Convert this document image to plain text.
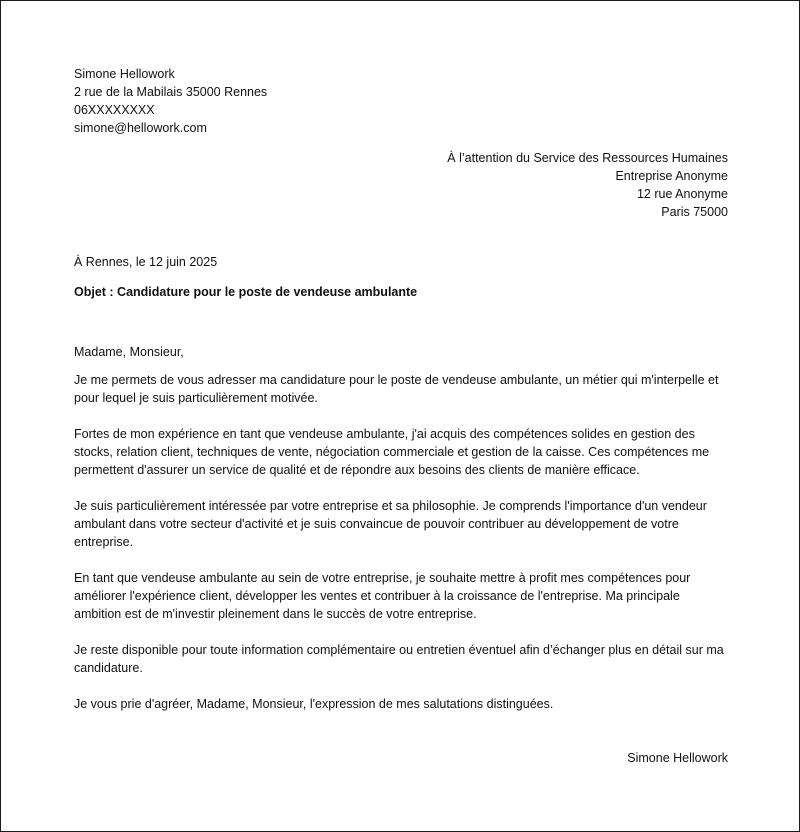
Simone Hellowork
2 rue de la Mabilais 35000 Rennes
06XXXXXXXX
simone@hellowork.com
À l’attention du Service des Ressources Humaines
Entreprise Anonyme
12 rue Anonyme
Paris 75000
À Rennes, le 12 juin 2025
Objet : Candidature pour le poste de vendeuse ambulante
Madame, Monsieur,
Je me permets de vous adresser ma candidature pour le poste de vendeuse ambulante, un métier qui m'interpelle et pour lequel je suis particulièrement motivée.
Fortes de mon expérience en tant que vendeuse ambulante, j'ai acquis des compétences solides en gestion des stocks, relation client, techniques de vente, négociation commerciale et gestion de la caisse. Ces compétences me permettent d'assurer un service de qualité et de répondre aux besoins des clients de manière efficace.
Je suis particulièrement intéressée par votre entreprise et sa philosophie. Je comprends l'importance d'un vendeur ambulant dans votre secteur d'activité et je suis convaincue de pouvoir contribuer au développement de votre entreprise.
En tant que vendeuse ambulante au sein de votre entreprise, je souhaite mettre à profit mes compétences pour améliorer l'expérience client, développer les ventes et contribuer à la croissance de l'entreprise. Ma principale ambition est de m'investir pleinement dans le succès de votre entreprise.
Je reste disponible pour toute information complémentaire ou entretien éventuel afin d’échanger plus en détail sur ma candidature.
Je vous prie d'agréer, Madame, Monsieur, l'expression de mes salutations distinguées.
Simone Hellowork
